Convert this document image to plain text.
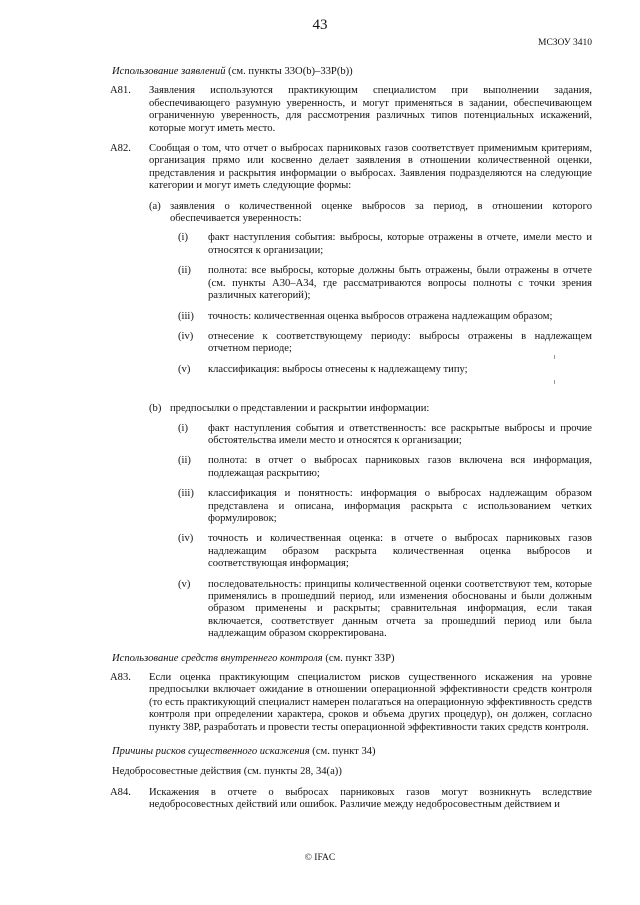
43
МСЗОУ 3410

Использование заявлений (см. пункты 33O(b)–33P(b))

A81. Заявления используются практикующим специалистом при выполнении задания, обеспечивающего разумную уверенность, и могут применяться в задании, обеспечивающем ограниченную уверенность, для рассмотрения различных типов потенциальных искажений, которые могут иметь место.
A82. Сообщая о том, что отчет о выбросах парниковых газов соответствует применимым критериям, организация прямо или косвенно делает заявления в отношении количественной оценки, представления и раскрытия информации о выбросах. Заявления подразделяются на следующие категории и могут иметь следующие формы:
(a) заявления о количественной оценке выбросов за период, в отношении которого обеспечивается уверенность:
(i) факт наступления события: выбросы, которые отражены в отчете, имели место и относятся к организации;
(ii) полнота: все выбросы, которые должны быть отражены, были отражены в отчете (см. пункты A30–A34, где рассматриваются вопросы полноты с точки зрения различных категорий);
(iii) точность: количественная оценка выбросов отражена надлежащим образом;
(iv) отнесение к соответствующему периоду: выбросы отражены в надлежащем отчетном периоде;
(v) классификация: выбросы отнесены к надлежащему типу;
(b) предпосылки о представлении и раскрытии информации:
(i) факт наступления события и ответственность: все раскрытые выбросы и прочие обстоятельства имели место и относятся к организации;
(ii) полнота: в отчет о выбросах парниковых газов включена вся информация, подлежащая раскрытию;
(iii) классификация и понятность: информация о выбросах надлежащим образом представлена и описана, информация раскрыта с использованием четких формулировок;
(iv) точность и количественная оценка: в отчете о выбросах парниковых газов надлежащим образом раскрыта количественная оценка выбросов и соответствующая информация;
(v) последовательность: принципы количественной оценки соответствуют тем, которые применялись в прошедший период, или изменения обоснованы и были должным образом применены и раскрыты; сравнительная информация, если такая включается, соответствует данным отчета за прошедший период или была надлежащим образом скорректирована.

Использование средств внутреннего контроля (см. пункт 33P)

A83. Если оценка практикующим специалистом рисков существенного искажения на уровне предпосылки включает ожидание в отношении операционной эффективности средств контроля (то есть практикующий специалист намерен полагаться на операционную эффективность средств контроля при определении характера, сроков и объема других процедур), он должен, согласно пункту 38P, разработать и провести тесты операционной эффективности таких средств контроля.

Причины рисков существенного искажения (см. пункт 34)

Недобросовестные действия (см. пункты 28, 34(a))

A84. Искажения в отчете о выбросах парниковых газов могут возникнуть вследствие недобросовестных действий или ошибок. Различие между недобросовестным действием и
© IFAC
